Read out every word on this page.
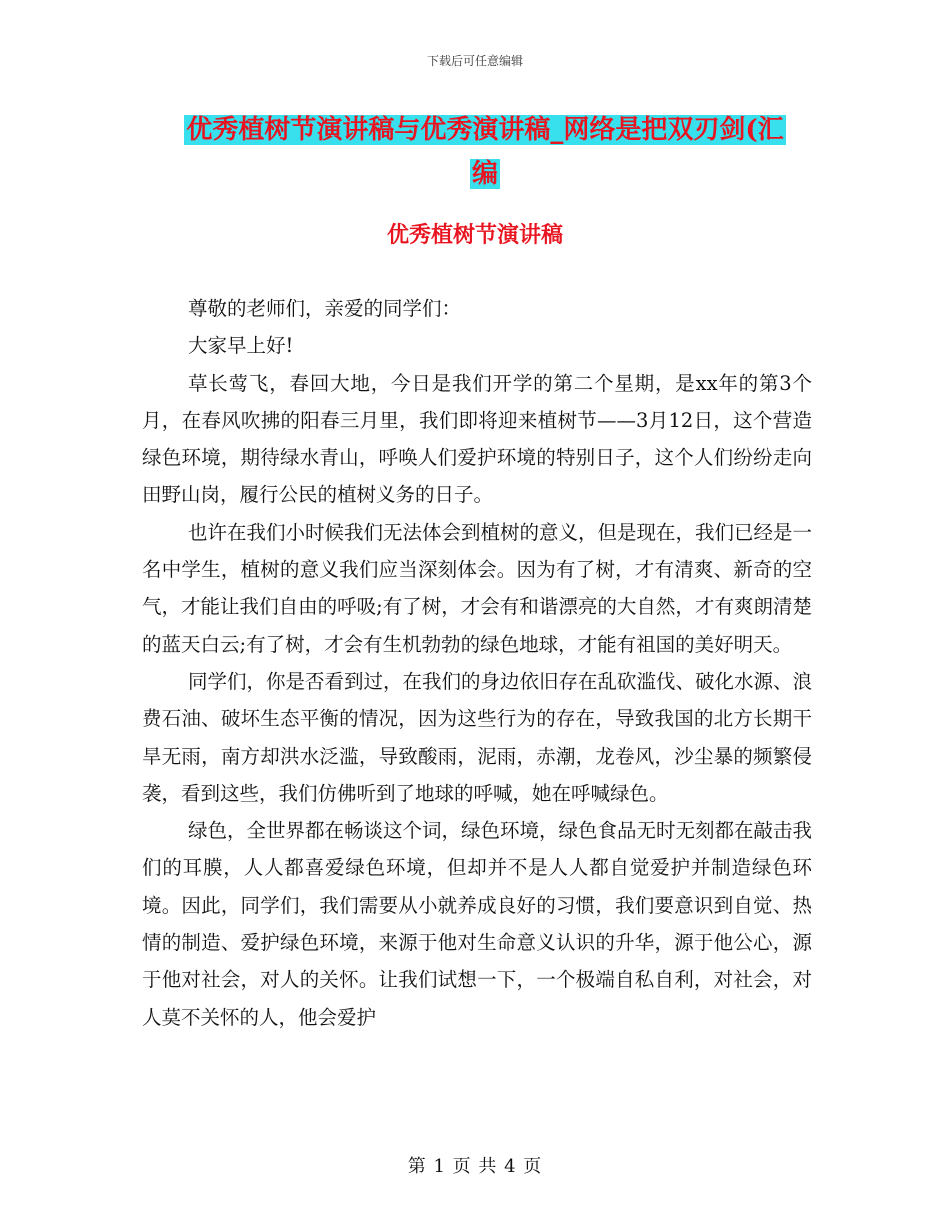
下载后可任意编辑
优秀植树节演讲稿与优秀演讲稿_网络是把双刃剑(汇
编
优秀植树节演讲稿

尊敬的老师们，亲爱的同学们：

大家早上好!

草长莺飞，春回大地，今日是我们开学的第二个星期，是xx年的第3个月，在春风吹拂的阳春三月里，我们即将迎来植树节——3月12日，这个营造绿色环境，期待绿水青山，呼唤人们爱护环境的特别日子，这个人们纷纷走向田野山岗，履行公民的植树义务的日子。

也许在我们小时候我们无法体会到植树的意义，但是现在，我们已经是一名中学生，植树的意义我们应当深刻体会。因为有了树，才有清爽、新奇的空气，才能让我们自由的呼吸;有了树，才会有和谐漂亮的大自然，才有爽朗清楚的蓝天白云;有了树，才会有生机勃勃的绿色地球，才能有祖国的美好明天。

同学们，你是否看到过，在我们的身边依旧存在乱砍滥伐、破化水源、浪费石油、破坏生态平衡的情况，因为这些行为的存在，导致我国的北方长期干旱无雨，南方却洪水泛滥，导致酸雨，泥雨，赤潮，龙卷风，沙尘暴的频繁侵袭，看到这些，我们仿佛听到了地球的呼喊，她在呼喊绿色。

绿色，全世界都在畅谈这个词，绿色环境，绿色食品无时无刻都在敲击我们的耳膜，人人都喜爱绿色环境，但却并不是人人都自觉爱护并制造绿色环境。因此，同学们，我们需要从小就养成良好的习惯，我们要意识到自觉、热情的制造、爱护绿色环境，来源于他对生命意义认识的升华，源于他公心，源于他对社会，对人的关怀。让我们试想一下，一个极端自私自利，对社会，对人莫不关怀的人，他会爱护

第 1 页 共 4 页
